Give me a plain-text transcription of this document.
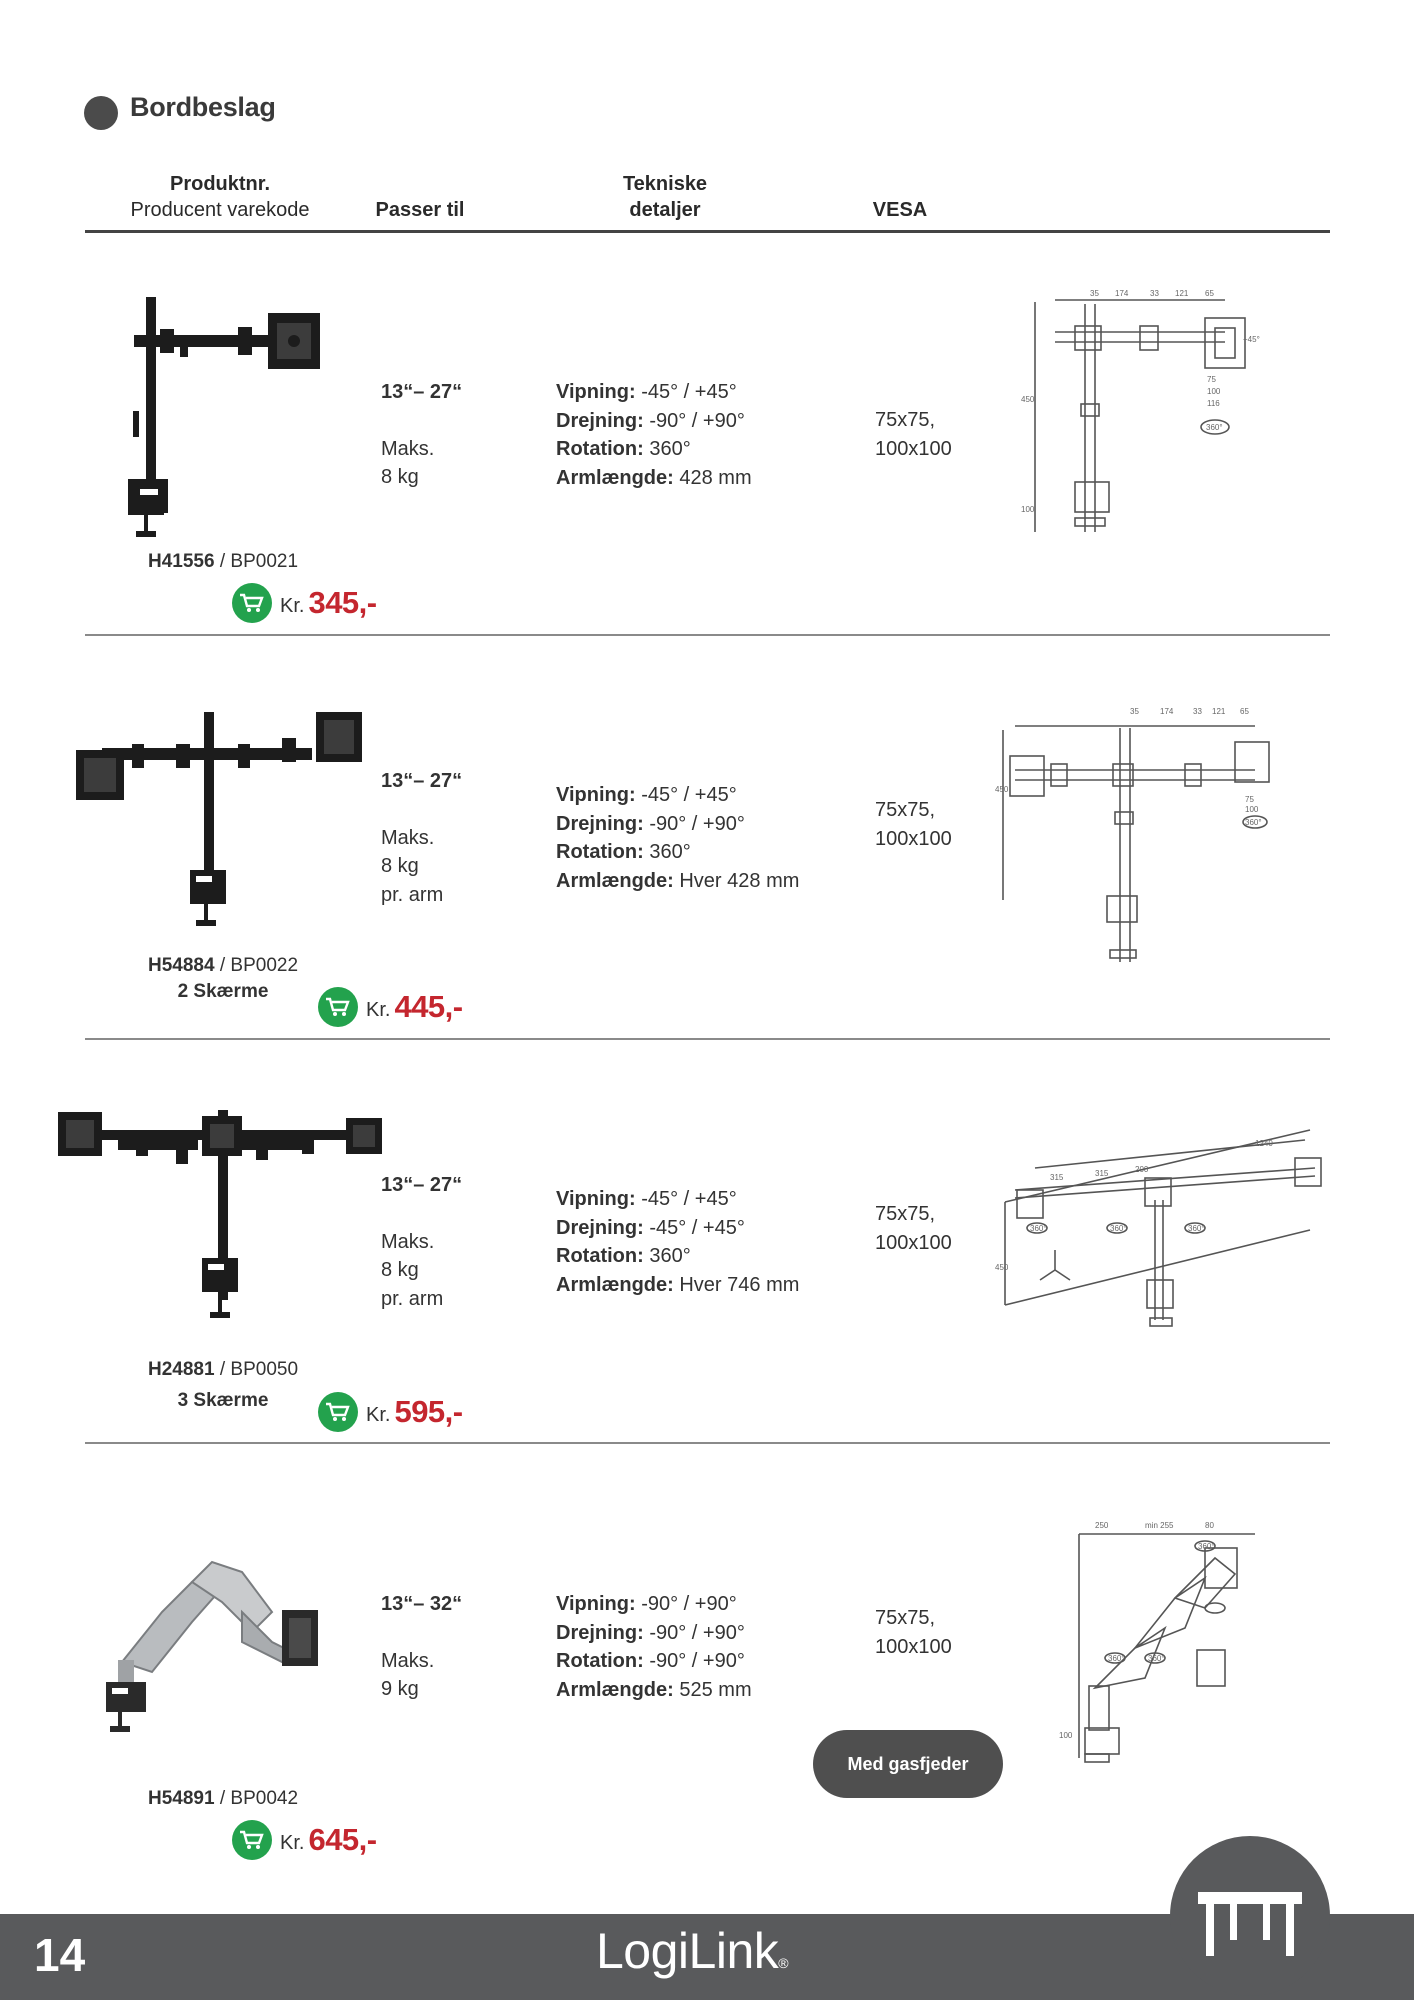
Bordbeslag
Produktnr.
Producent varekode	Passer til
Tekniske
detaljer	VESA
H41556 / BP0021
Kr. 345,-
13“– 27“
Maks.
8 kg
Vipning: -45° / +45°
Drejning: -90° / +90°
Rotation: 360°
Armlængde: 428 mm
75x75,
100x100
35 174	33 121 65
450
100
+45°
75
100
116
360°
H54884 / BP0022
2 Skærme
Kr. 445,-
13“– 27“
Maks.
8 kg
pr. arm
Vipning: -45° / +45°
Drejning: -90° / +90°
Rotation: 360°
Armlængde: Hver 428 mm
75x75,
100x100
35	174 33 121 65
450
75
100
360°
H24881 / BP0050
3 Skærme
Kr. 595,-
13“– 27“
Maks.
8 kg
pr. arm
Vipning: -45° / +45°
Drejning: -45° / +45°
Rotation: 360°
Armlængde: Hver 746 mm
75x75,
100x100
1240
315	315	200
450
360°	360°	360°
H54891 / BP0042
Kr. 645,-
13“– 32“
Maks.
9 kg
Vipning: -90° / +90°
Drejning: -90° / +90°
Rotation: -90° / +90°
Armlængde: 525 mm
75x75,
100x100
250	min 255	80
100
360°
360°	360°
Med gasfjeder
14	LogiLink®
